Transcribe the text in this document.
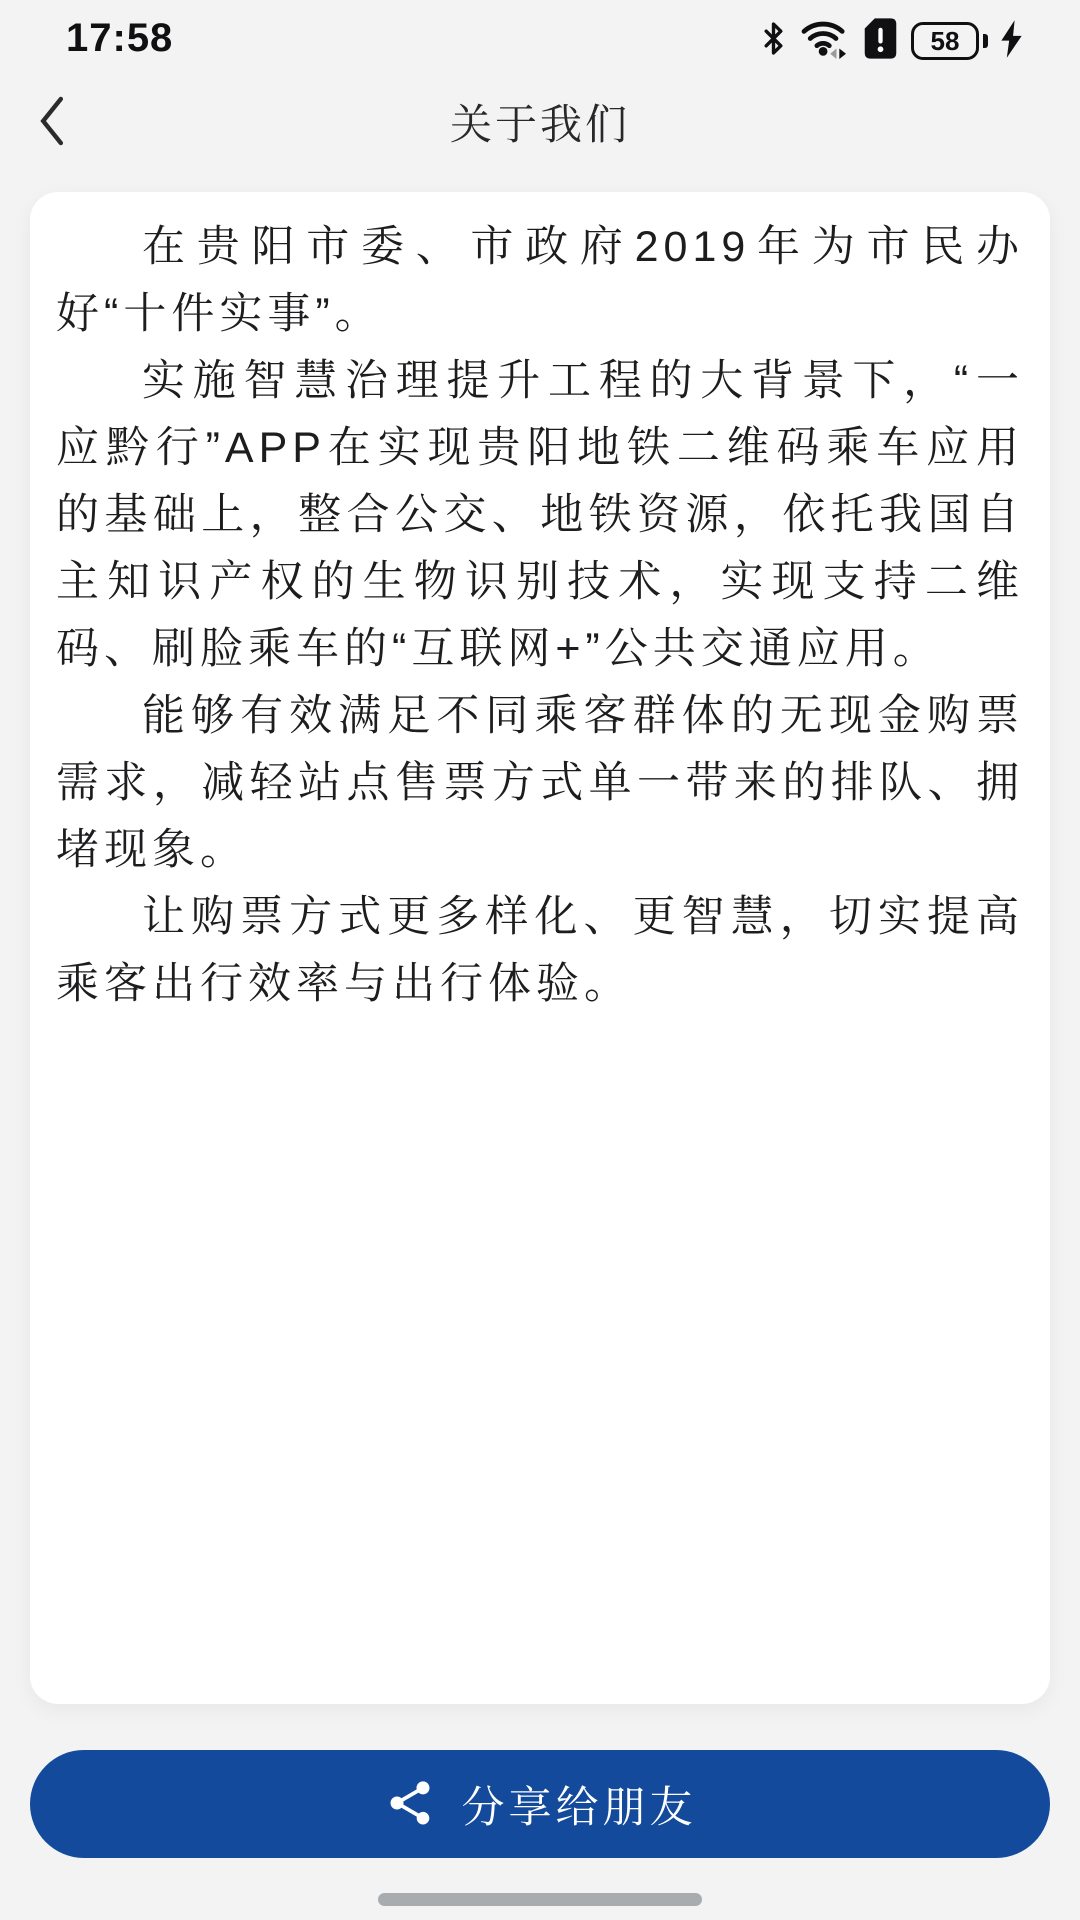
17:58	58
关于我们

在贵阳市委、市政府2019年为市民办好“十件实事”。

实施智慧治理提升工程的大背景下，“一应黔行”APP在实现贵阳地铁二维码乘车应用的基础上，整合公交、地铁资源，依托我国自主知识产权的生物识别技术，实现支持二维码、刷脸乘车的“互联网+”公共交通应用。

能够有效满足不同乘客群体的无现金购票需求，减轻站点售票方式单一带来的排队、拥堵现象。

让购票方式更多样化、更智慧，切实提高乘客出行效率与出行体验。

分享给朋友
